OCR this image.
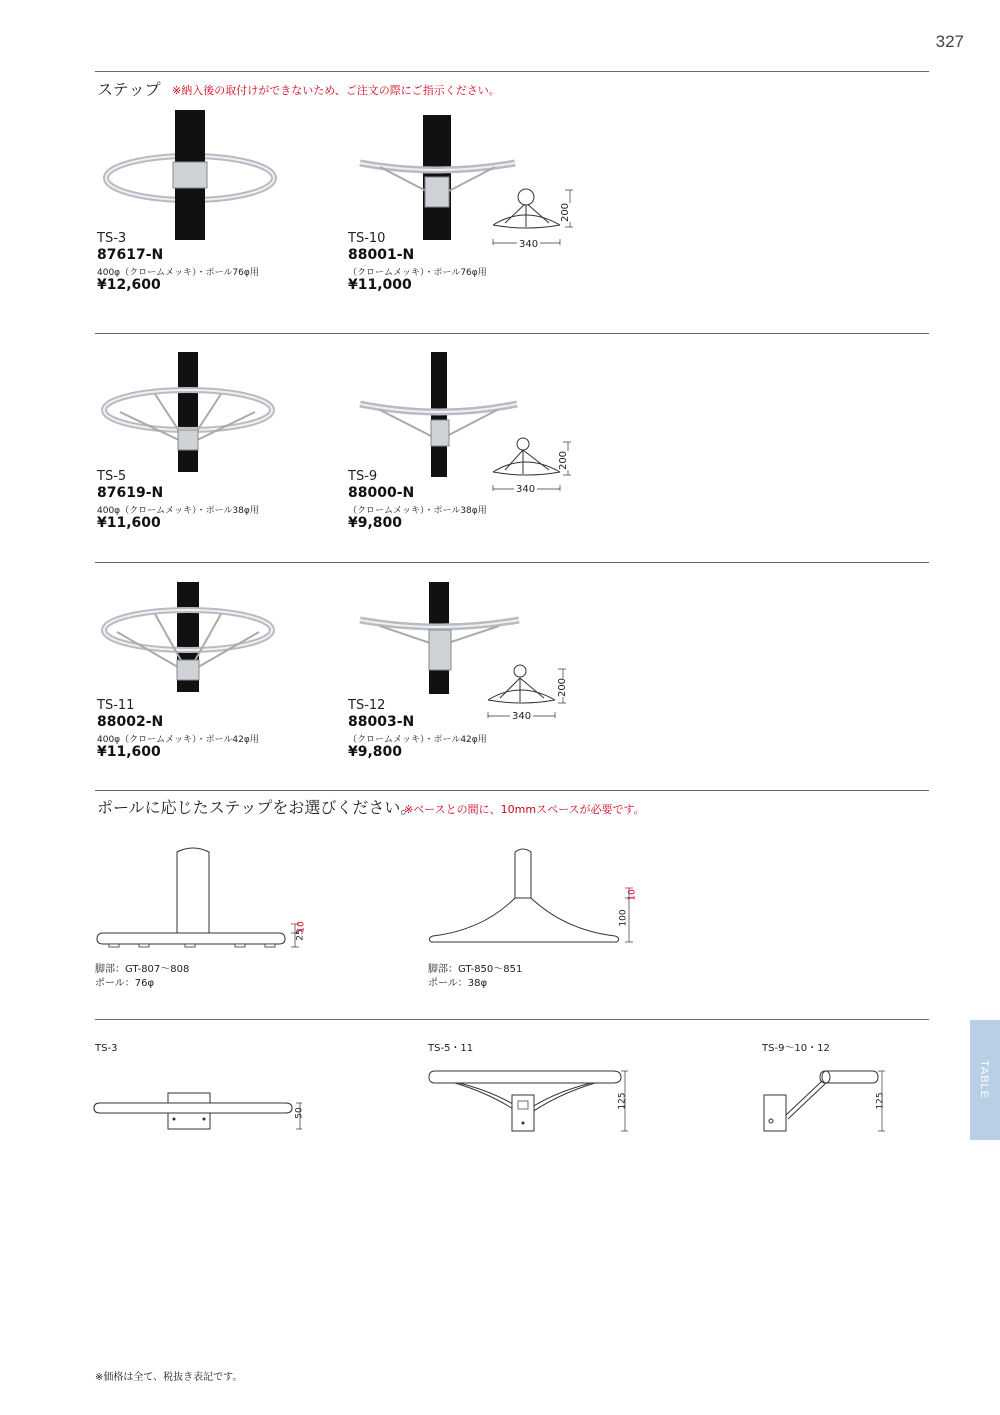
327
ステップ ※納入後の取付けができないため、ご注文の際にご指示ください。
TS-3
87617-N
400φ（クロームメッキ）・ポール76φ用
¥12,600
340
200
TS-10
88001-N
（クロームメッキ）・ポール76φ用
¥11,000
TS-5
87619-N
400φ（クロームメッキ）・ポール38φ用
¥11,600
340
200
TS-9
88000-N
（クロームメッキ）・ポール38φ用
¥9,800
TS-11
88002-N
400φ（クロームメッキ）・ポール42φ用
¥11,600
340
200
TS-12
88003-N
（クロームメッキ）・ポール42φ用
¥9,800
ポールに応じたステップをお選びください。
※ベースとの間に、10mmスペースが必要です。
25
10
脚部：GT-807～808
ポール：76φ
100
10
脚部：GT-850～851
ポール：38φ
TS-3
50
TS-5・11
125
TS-9～10・12
125
TABLE
※価格は全て、税抜き表記です。
